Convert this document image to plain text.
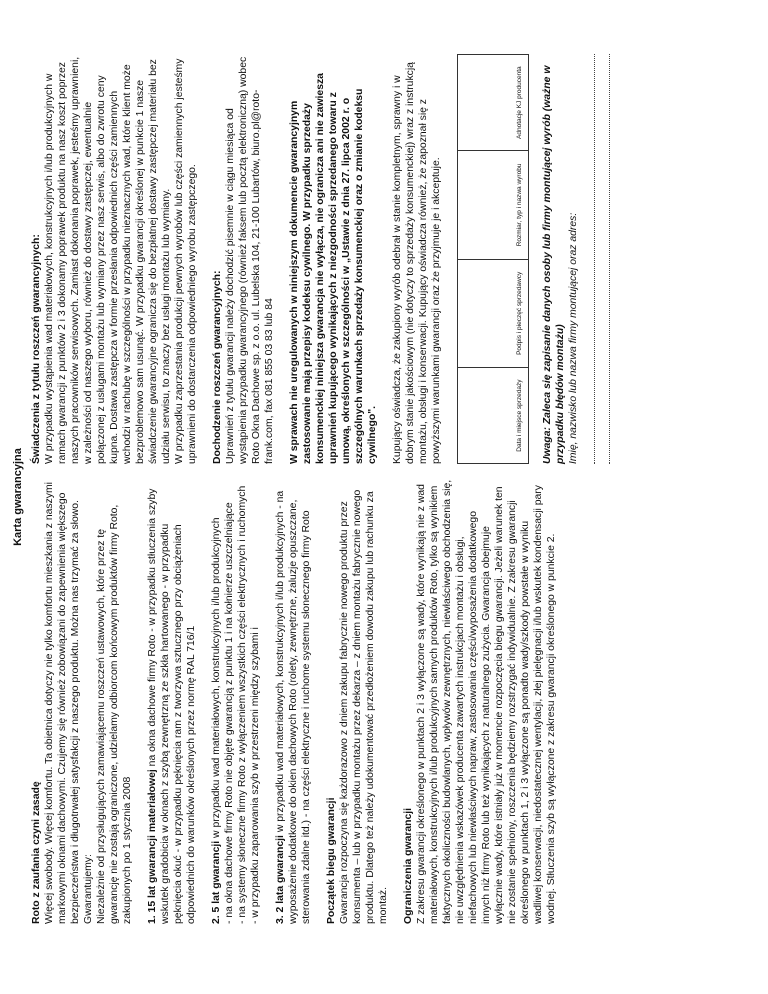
Karta gwarancyjna

Roto z zaufania czyni zasadę Więcej swobody. Więcej komfortu. Ta obietnica dotyczy nie tylko komfortu mieszkania z naszymi markowymi oknami dachowymi. Czujemy się również zobowiązani do zapewnienia większego bezpieczeństwa i długotrwałej satysfakcji z naszego produktu. Można nas trzymać za słowo. Gwarantujemy: Niezależnie od przysługujących zamawiającemu roszczeń ustawowych, które przez tę gwarancję nie zostają ograniczone, udzielamy odbiorcom końcowym produktów firmy Roto, zakupionych po 1 stycznia 2008 1. 15 lat gwarancji materiałowej na okna dachowe firmy Roto - w przypadku stłuczenia szyby wskutek gradobicia w oknach z szybą zewnętrzną ze szkła hartowanego - w przypadku pęknięcia okuć - w przypadku pęknięcia ram z tworzywa sztucznego przy obciążeniach odpowiednich do warunków określonych przez normę RAL 716/1 2. 5 lat gwarancji w przypadku wad materiałowych, konstrukcyjnych i/lub produkcyjnych - na okna dachowe firmy Roto nie objęte gwarancją z punktu 1 i na kołnierze uszczelniające - na systemy słoneczne firmy Roto z wyłączeniem wszystkich części elektrycznych i ruchomych - w przypadku zaparowania szyb w przestrzeni między szybami i 3. 2 lata gwarancji w przypadku wad materiałowych, konstrukcyjnych i/lub produkcyjnych - na wyposażenie dodatkowe do okien dachowych Roto (rolety, zewnętrzne, żaluzje opuszczane, sterowania zdalne itd.) - na części elektryczne i ruchome systemu słonecznego firmy Roto Początek biegu gwarancji Gwarancja rozpoczyna się każdorazowo z dniem zakupu fabrycznie nowego produktu przez konsumenta – lub w przypadku montażu przez dekarza – z dniem montażu fabrycznie nowego produktu. Dlatego też należy udokumentować przedłożeniem dowodu zakupu lub rachunku za montaż. Ograniczenia gwarancji Z zakresu gwarancji określonego w punktach 2 i 3 wyłączone są wady, które wynikają nie z wad materiałowych, konstrukcyjnych i/lub produkcyjnych samych produktów Roto, tylko są wynikiem faktycznych okoliczności budowlanych, wpływów zewnętrznych, niewłaściwego obchodzenia się, nie uwzględnienia wskazówek producenta zawartych instrukcjach montażu i obsługi, niefachowych lub niewłaściwych napraw, zastosowania części/wyposażenia dodatkowego innych niż firmy Roto lub też wynikających z naturalnego zużycia. Gwarancja obejmuje wyłącznie wady, które istniały już w momencie rozpoczęcia biegu gwarancji. Jeżeli warunek ten nie zostanie spełniony, roszczenia będziemy rozstrzygać indywidualnie. Z zakresu gwarancji określonego w punktach 1, 2 i 3 wyłączone są ponadto wady/szkody powstałe w wyniku wadliwej konserwacji, niedostatecznej wentylacji, złej pielęgnacji i/lub wskutek kondensacji pary wodnej. Stłuczenia szyb są wyłączone z zakresu gwarancji określonego w punkcie 2.

Świadczenia z tytułu roszczeń gwarancyjnych: W przypadku wystąpienia wad materiałowych, konstrukcyjnych i/lub produkcyjnych w ramach gwarancji z punktów 2 i 3 dokonamy poprawek produktu na nasz koszt poprzez naszych pracowników serwisowych. Zamiast dokonania poprawek, jesteśmy uprawnieni, w zależności od naszego wyboru, również do dostawy zastępczej, ewentualnie połączonej z usługami montażu lub wymiany przez nasz serwis, albo do zwrotu ceny kupna. Dostawa zastępcza w formie przesłania odpowiednich części zamiennych wchodzi w rachubę w szczególności w przypadku nieznacznych wad, które klient może bezproblemowo sam usunąć. W przypadku gwarancji określonej w punkcie 1 nasze świadczenie gwarancyjne ogranicza się do bezpłatnej dostawy zastępczej materiału bez udziału serwisu, to znaczy bez usługi montażu lub wymiany. W przypadku zaprzestania produkcji pewnych wyrobów lub części zamiennych jesteśmy uprawnieni do dostarczenia odpowiedniego wyrobu zastępczego. Dochodzenie roszczeń gwarancyjnych: Uprawnień z tytułu gwarancji należy dochodzić pisemnie w ciągu miesiąca od wystąpienia przypadku gwarancyjnego (również faksem lub pocztą elektroniczną) wobec Roto Okna Dachowe sp. z o.o. ul. Lubelska 104, 21-100 Lubartów, biuro.pl@roto-frank.com, fax 081 855 03 83 lub 84 W sprawach nie uregulowanych w niniejszym dokumencie gwarancyjnym zastosowanie mają przepisy kodeksu cywilnego. W przypadku sprzedaży konsumenckiej niniejsza gwarancja nie wyłącza, nie ogranicza ani nie zawiesza uprawnień kupującego wynikających z niezgodności sprzedanego towaru z umową, określonych w szczególności w „Ustawie z dnia 27. lipca 2002 r. o szczególnych warunkach sprzedaży konsumenckiej oraz o zmianie kodeksu cywilnego". Kupujący oświadcza, że zakupiony wyrób odebrał w stanie kompletnym, sprawny i w dobrym stanie jakościowym (nie dotyczy to sprzedaży konsumenckiej) wraz z instrukcją montażu, obsługi i konserwacji. Kupujący oświadcza również, że zapoznał się z powyższymi warunkami gwarancji oraz że przyjmuje je i akceptuje.	Data i miejsce sprzedaży	Podpis i pieczęć sprzedawcy	Rozmiar, typ i nazwa wyrobu	Adnotacje KJ producenta Uwaga: Zaleca się zapisanie danych osoby lub firmy montującej wyrób (ważne w przypadku błędów montażu) Imię, nazwisko lub nazwa firmy montującej oraz adres:
